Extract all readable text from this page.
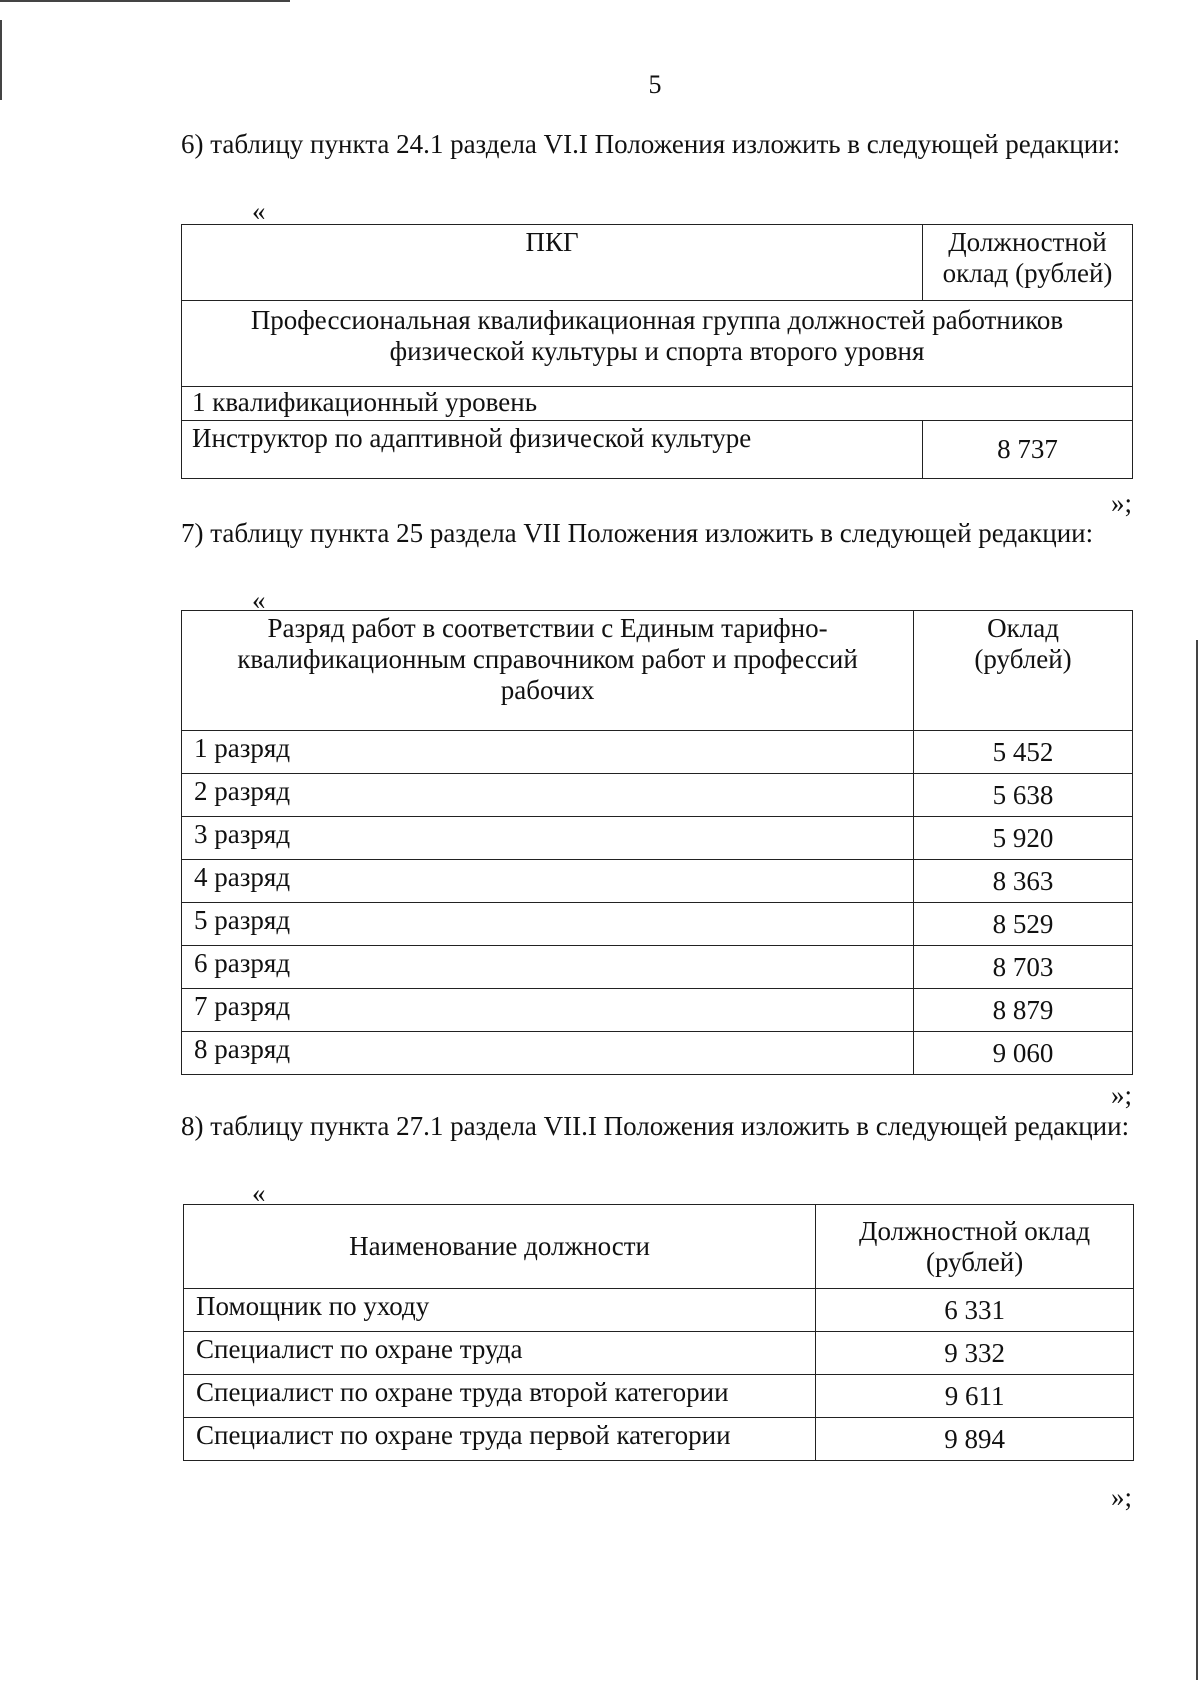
5
6) таблицу пункта 24.1 раздела VI.I Положения изложить в следующей редакции:
«
ПКГ	Должностной оклад (рублей)
Профессиональная квалификационная группа должностей работников физической культуры и спорта второго уровня	
1 квалификационный уровень	
Инструктор по адаптивной физической культуре	8 737
»;
7) таблицу пункта 25 раздела VII Положения изложить в следующей редакции:
«
Разряд работ в соответствии с Единым тарифно-квалификационным справочником работ и профессий рабочих	Оклад (рублей)
1 разряд	5 452
2 разряд	5 638
3 разряд	5 920
4 разряд	8 363
5 разряд	8 529
6 разряд	8 703
7 разряд	8 879
8 разряд	9 060
»;
8) таблицу пункта 27.1 раздела VII.I Положения изложить в следующей редакции:
«
Наименование должности	Должностной оклад (рублей)
Помощник по уходу	6 331
Специалист по охране труда	9 332
Специалист по охране труда второй категории	9 611
Специалист по охране труда первой категории	9 894
»;
